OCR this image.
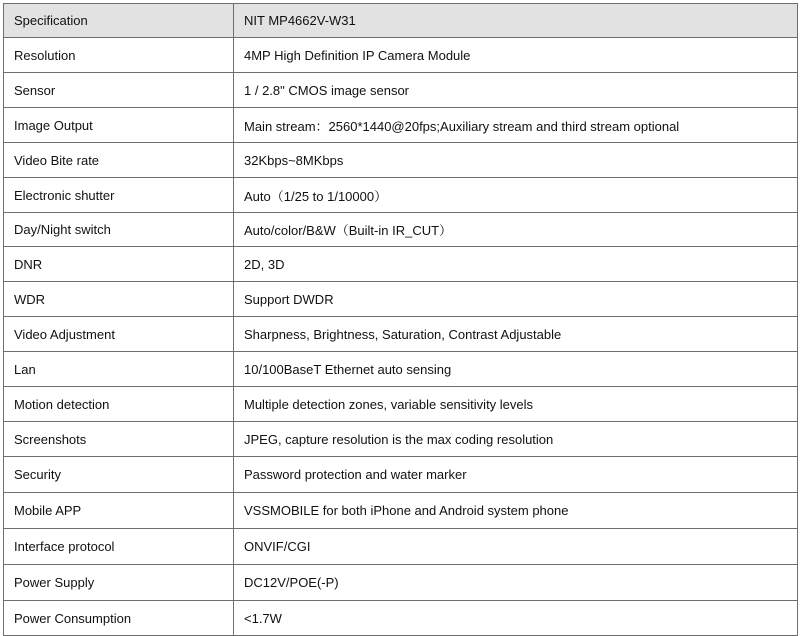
Specification	NIT MP4662V-W31
Resolution	4MP High Definition IP Camera Module
Sensor	1 / 2.8" CMOS image sensor
Image Output	Main stream：2560*1440@20fps;Auxiliary stream and third stream optional
Video Bite rate	32Kbps~8MKbps
Electronic shutter	Auto（1/25 to 1/10000）
Day/Night switch	Auto/color/B&W（Built-in IR_CUT）
DNR	2D, 3D
WDR	Support DWDR
Video Adjustment	Sharpness, Brightness, Saturation, Contrast Adjustable
Lan	10/100BaseT Ethernet auto sensing
Motion detection	Multiple detection zones, variable sensitivity levels
Screenshots	JPEG, capture resolution is the max coding resolution
Security	Password protection and water marker
Mobile APP	VSSMOBILE for both iPhone and Android system phone
Interface protocol	ONVIF/CGI
Power Supply	DC12V/POE(-P)
Power Consumption	<1.7W
